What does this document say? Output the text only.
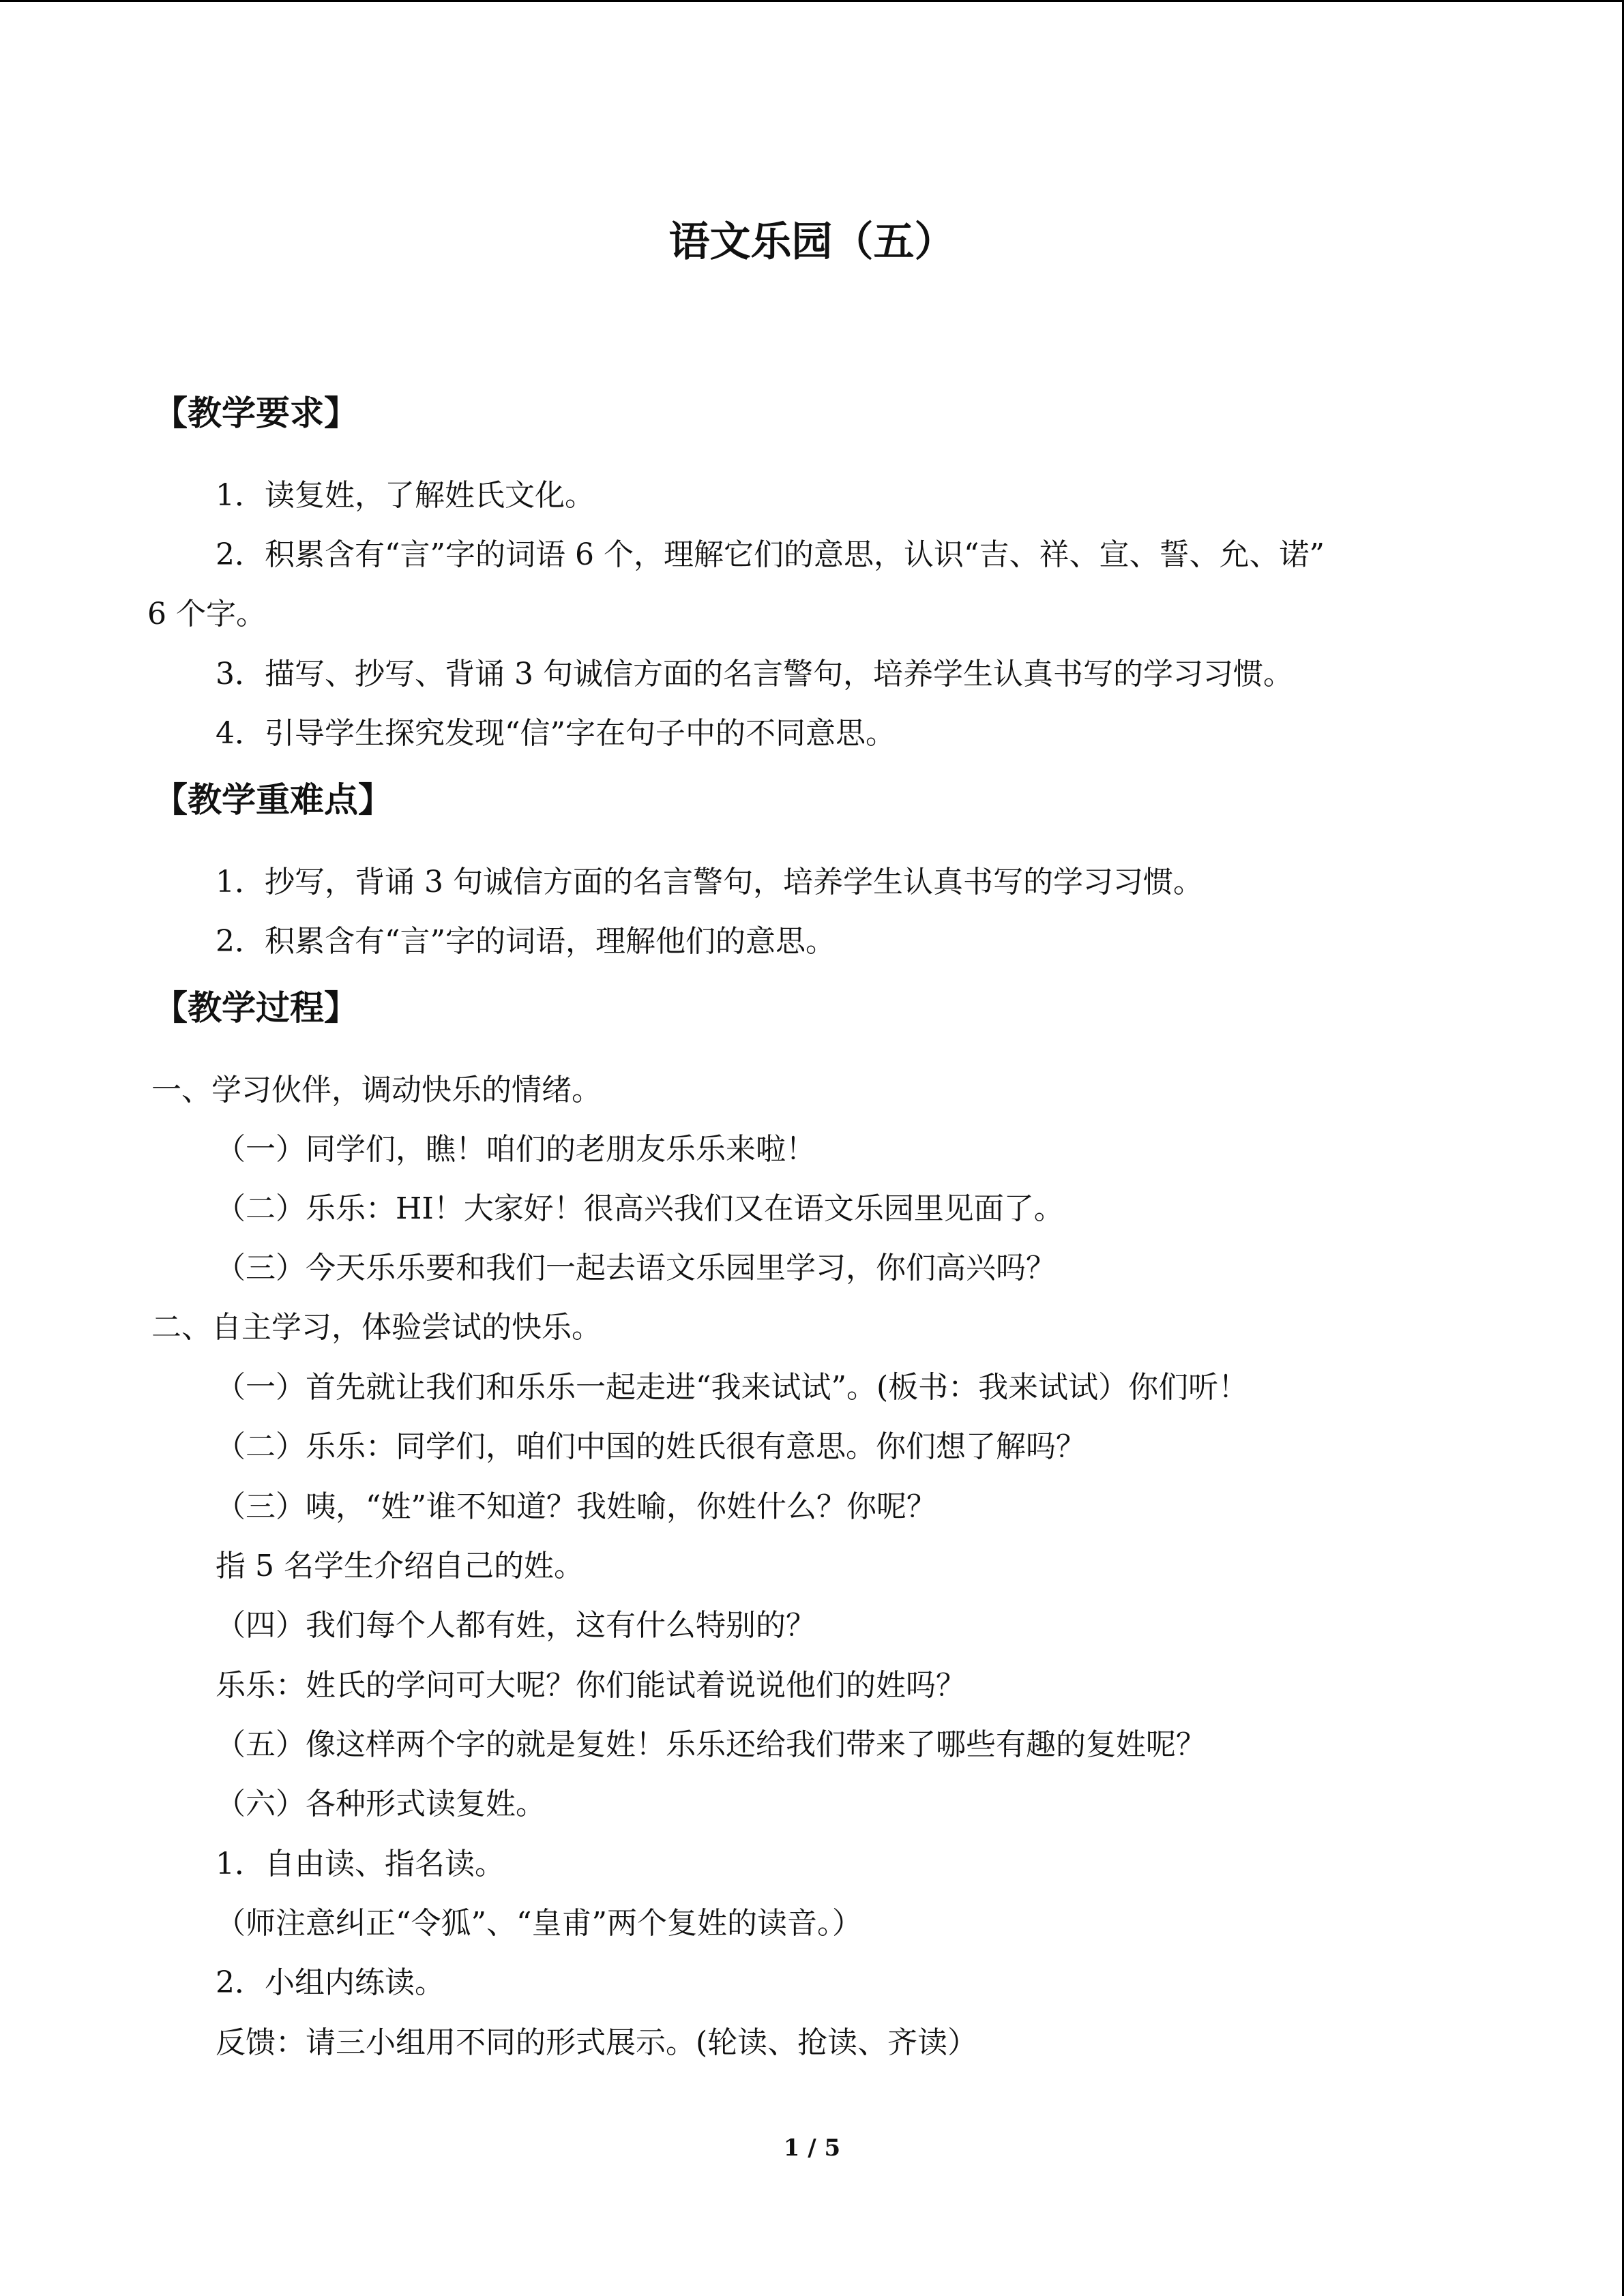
语文乐园（五）
【教学要求】
1．读复姓，了解姓氏文化。
2．积累含有“言”字的词语 6 个，理解它们的意思，认识“吉、祥、宣、誓、允、诺”
6 个字。
3．描写、抄写、背诵 3 句诚信方面的名言警句，培养学生认真书写的学习习惯。
4．引导学生探究发现“信”字在句子中的不同意思。
【教学重难点】
1．抄写，背诵 3 句诚信方面的名言警句，培养学生认真书写的学习习惯。
2．积累含有“言”字的词语，理解他们的意思。
【教学过程】
一、学习伙伴，调动快乐的情绪。
（一）同学们，瞧！咱们的老朋友乐乐来啦！
（二）乐乐：HI！大家好！很高兴我们又在语文乐园里见面了。
（三）今天乐乐要和我们一起去语文乐园里学习，你们高兴吗？
二、自主学习，体验尝试的快乐。
（一）首先就让我们和乐乐一起走进“我来试试”。(板书：我来试试）你们听！
（二）乐乐：同学们，咱们中国的姓氏很有意思。你们想了解吗？
（三）咦，“姓”谁不知道？我姓喻，你姓什么？你呢？
指 5 名学生介绍自己的姓。
（四）我们每个人都有姓，这有什么特别的？
乐乐：姓氏的学问可大呢？你们能试着说说他们的姓吗？
（五）像这样两个字的就是复姓！乐乐还给我们带来了哪些有趣的复姓呢？
（六）各种形式读复姓。
1．自由读、指名读。
（师注意纠正“令狐”、“皇甫”两个复姓的读音。）
2．小组内练读。
反馈：请三小组用不同的形式展示。(轮读、抢读、齐读）
1 / 5
